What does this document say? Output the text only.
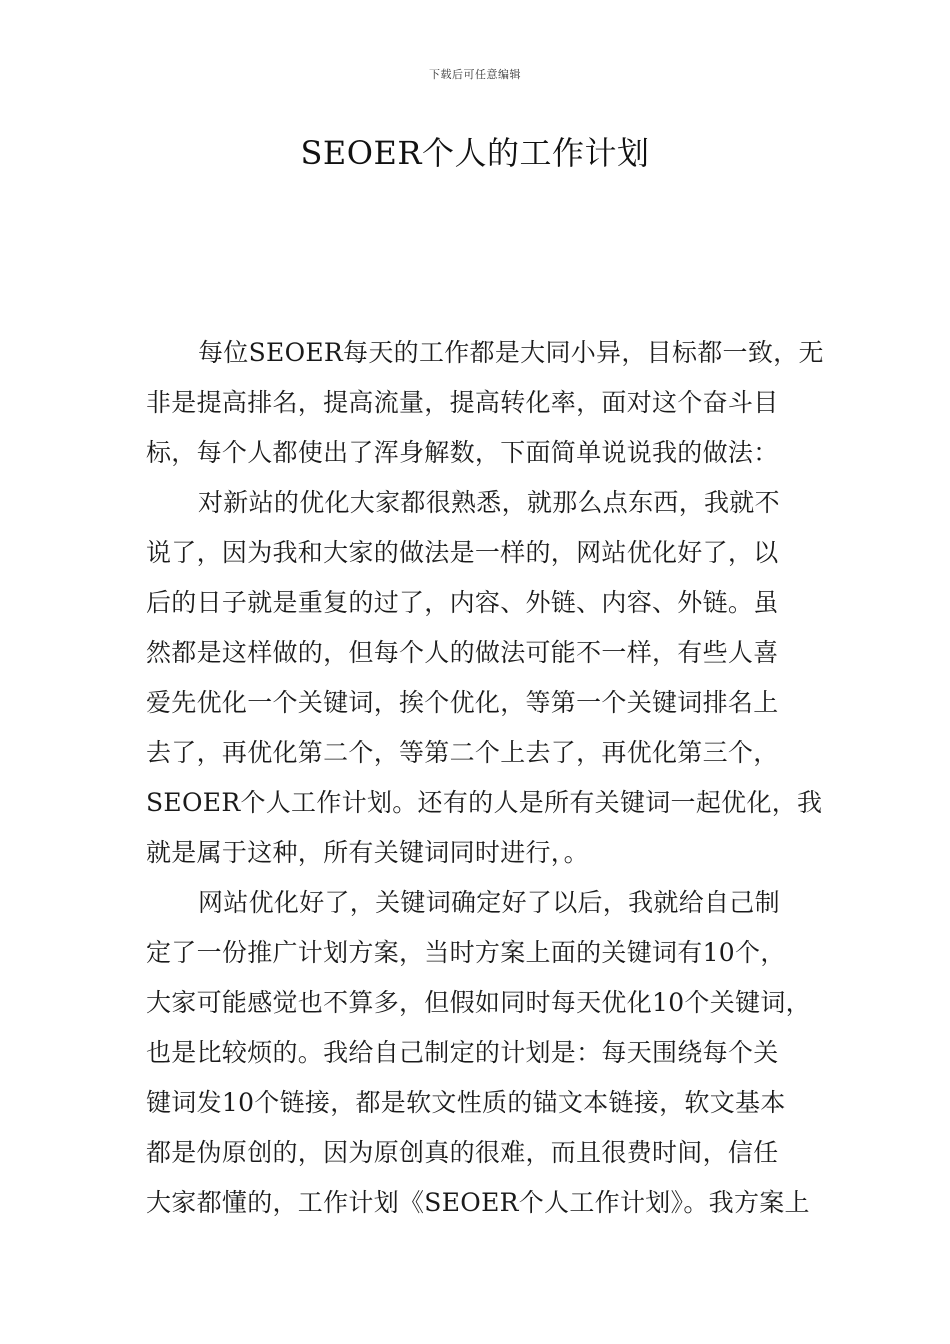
下载后可任意编辑
SEOER个人的工作计划
每位SEOER每天的工作都是大同小异，目标都一致，无
非是提高排名，提高流量，提高转化率，面对这个奋斗目
标，每个人都使出了浑身解数，下面简单说说我的做法：
对新站的优化大家都很熟悉，就那么点东西，我就不
说了，因为我和大家的做法是一样的，网站优化好了，以
后的日子就是重复的过了，内容、外链、内容、外链。虽
然都是这样做的，但每个人的做法可能不一样，有些人喜
爱先优化一个关键词，挨个优化，等第一个关键词排名上
去了，再优化第二个，等第二个上去了，再优化第三个，
SEOER个人工作计划。还有的人是所有关键词一起优化，我
就是属于这种，所有关键词同时进行，。
网站优化好了，关键词确定好了以后，我就给自己制
定了一份推广计划方案，当时方案上面的关键词有10个，
大家可能感觉也不算多，但假如同时每天优化10个关键词，
也是比较烦的。我给自己制定的计划是：每天围绕每个关
键词发10个链接，都是软文性质的锚文本链接，软文基本
都是伪原创的，因为原创真的很难，而且很费时间，信任
大家都懂的，工作计划《SEOER个人工作计划》。我方案上
